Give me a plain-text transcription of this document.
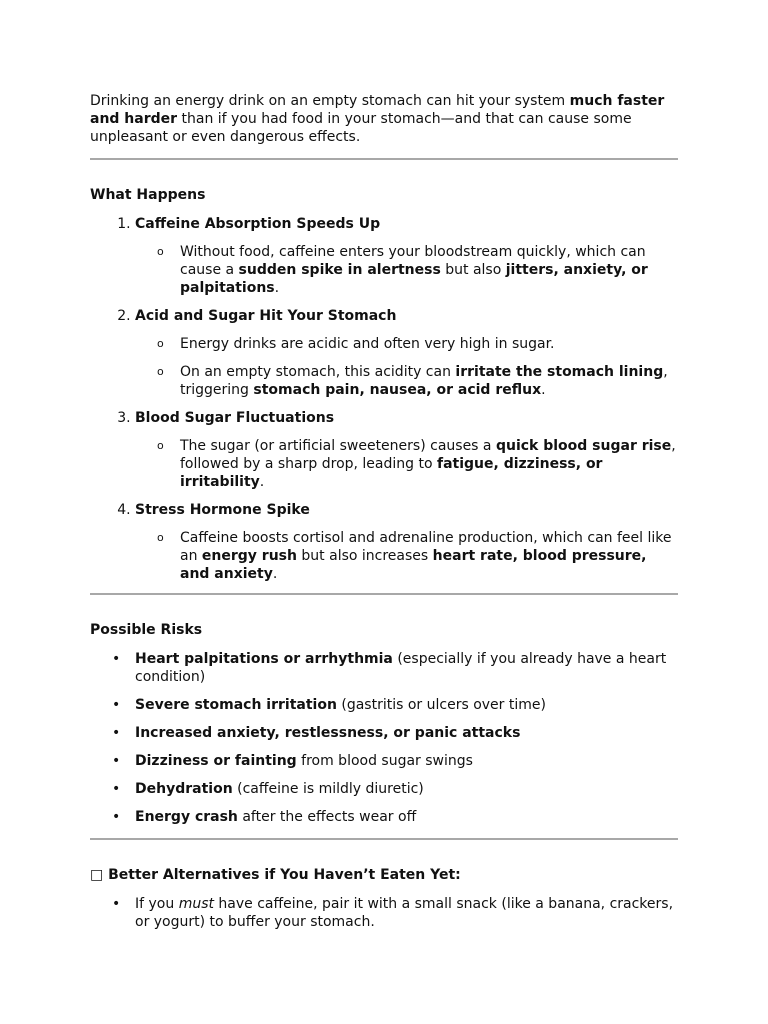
Drinking an energy drink on an empty stomach can hit your system much faster and harder than if you had food in your stomach—and that can cause some unpleasant or even dangerous effects.

What Happens
1. Caffeine Absorption Speeds Up
o Without food, caffeine enters your bloodstream quickly, which can cause a sudden spike in alertness but also jitters, anxiety, or palpitations.
2. Acid and Sugar Hit Your Stomach
o Energy drinks are acidic and often very high in sugar.
o On an empty stomach, this acidity can irritate the stomach lining, triggering stomach pain, nausea, or acid reflux.
3. Blood Sugar Fluctuations
o The sugar (or artificial sweeteners) causes a quick blood sugar rise, followed by a sharp drop, leading to fatigue, dizziness, or irritability.
4. Stress Hormone Spike
o Caffeine boosts cortisol and adrenaline production, which can feel like an energy rush but also increases heart rate, blood pressure, and anxiety.
Possible Risks
• Heart palpitations or arrhythmia (especially if you already have a heart condition)
• Severe stomach irritation (gastritis or ulcers over time)
• Increased anxiety, restlessness, or panic attacks
• Dizziness or fainting from blood sugar swings
• Dehydration (caffeine is mildly diuretic)
• Energy crash after the effects wear off
□ Better Alternatives if You Haven’t Eaten Yet:
• If you must have caffeine, pair it with a small snack (like a banana, crackers, or yogurt) to buffer your stomach.
